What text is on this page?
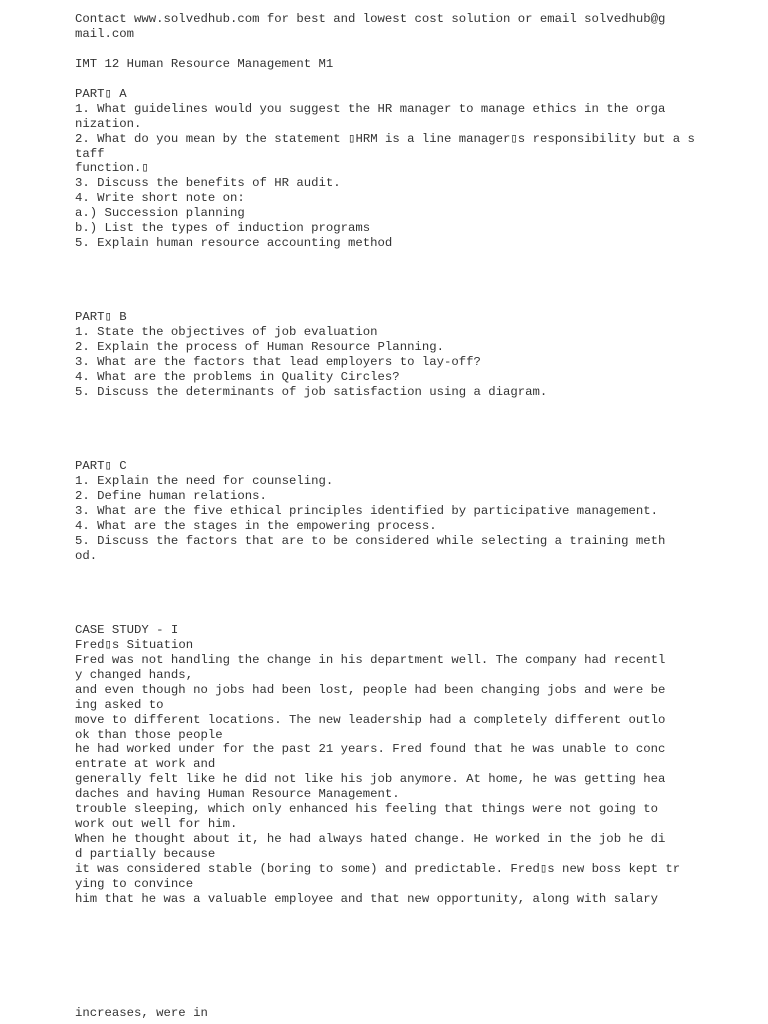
Contact www.solvedhub.com for best and lowest cost solution or email solvedhub@g
mail.com
IMT 12 Human Resource Management M1
PART▯ A
1. What guidelines would you suggest the HR manager to manage ethics in the orga
nization.
2. What do you mean by the statement ▯HRM is a line manager▯s responsibility but a s
taff
function.▯
3. Discuss the benefits of HR audit.
4. Write short note on:
a.) Succession planning
b.) List the types of induction programs
5. Explain human resource accounting method
PART▯ B
1. State the objectives of job evaluation
2. Explain the process of Human Resource Planning.
3. What are the factors that lead employers to lay-off?
4. What are the problems in Quality Circles?
5. Discuss the determinants of job satisfaction using a diagram.
PART▯ C
1. Explain the need for counseling.
2. Define human relations.
3. What are the five ethical principles identified by participative management.
4. What are the stages in the empowering process.
5. Discuss the factors that are to be considered while selecting a training meth
od.
CASE STUDY - I
Fred▯s Situation
Fred was not handling the change in his department well. The company had recentl
y changed hands,
and even though no jobs had been lost, people had been changing jobs and were be
ing asked to
move to different locations. The new leadership had a completely different outlo
ok than those people
he had worked under for the past 21 years. Fred found that he was unable to conc
entrate at work and
generally felt like he did not like his job anymore. At home, he was getting hea
daches and having Human Resource Management.
trouble sleeping, which only enhanced his feeling that things were not going to
work out well for him.
When he thought about it, he had always hated change. He worked in the job he di
d partially because
it was considered stable (boring to some) and predictable. Fred▯s new boss kept tr
ying to convince
him that he was a valuable employee and that new opportunity, along with salary
increases, were in
